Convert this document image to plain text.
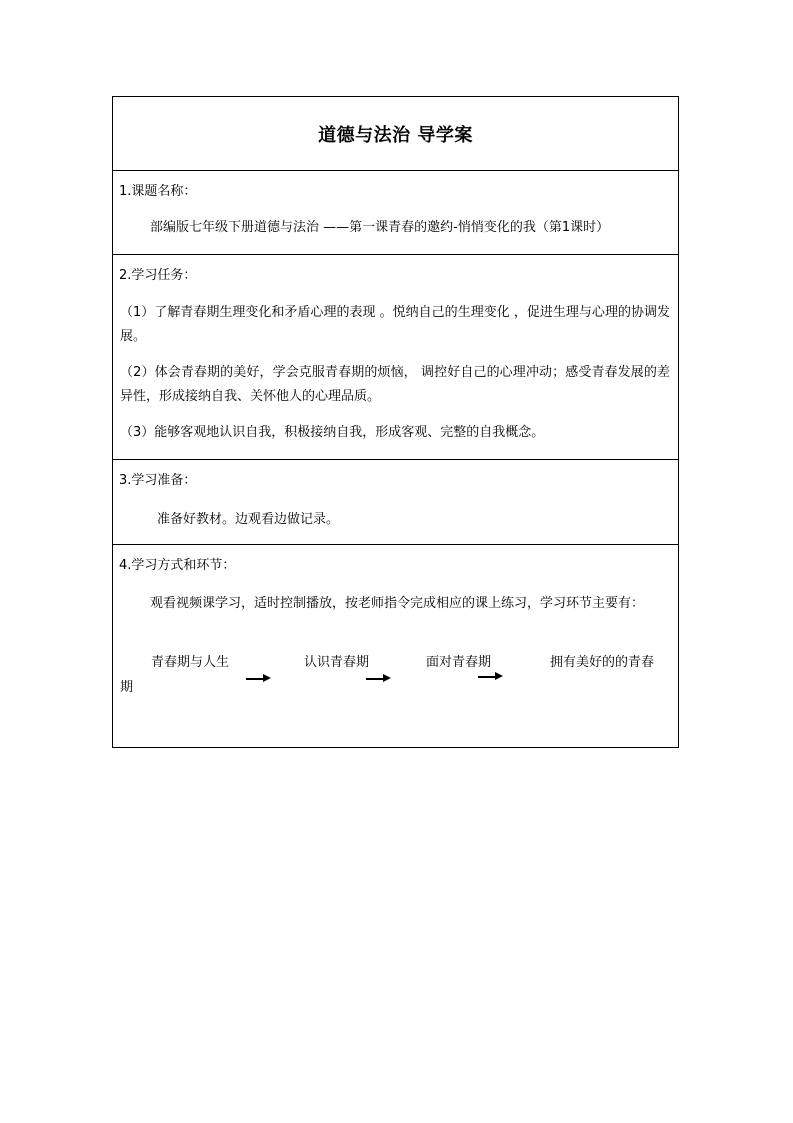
道德与法治 导学案
1.课题名称：
部编版七年级下册道德与法治 ——第一课青春的邀约-悄悄变化的我（第1课时）
2.学习任务：
（1）了解青春期生理变化和矛盾心理的表现 。悦纳自己的生理变化 ，促进生理与心理的协调发展。
（2）体会青春期的美好，学会克服青春期的烦恼， 调控好自己的心理冲动；感受青春发展的差异性，形成接纳自我、关怀他人的心理品质。
（3）能够客观地认识自我，积极接纳自我，形成客观、完整的自我概念。
3.学习准备：
准备好教材。边观看边做记录。
4.学习方式和环节：
观看视频课学习，适时控制播放，按老师指令完成相应的课上练习，学习环节主要有：
青春期与人生	认识青春期	面对青春期	拥有美好的的青春
期
